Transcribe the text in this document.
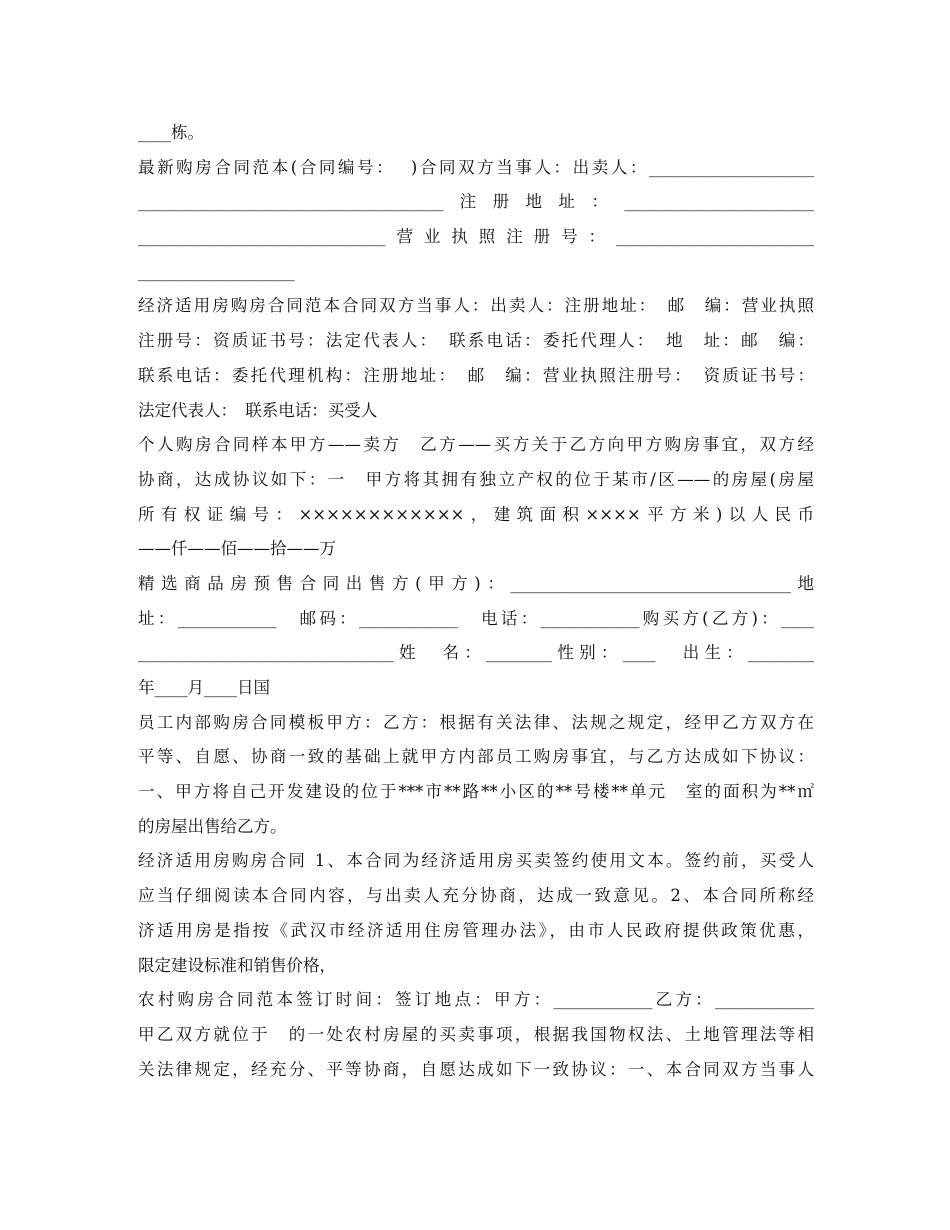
____栋。
最新购房合同范本(合同编号：  )合同双方当事人：出卖人：____________________
_____________________________________注册地址：_______________________
______________________________营业执照注册号：________________________
___________________
经济适用房购房合同范本合同双方当事人：出卖人：注册地址：　邮　编：营业执照
注册号：资质证书号：法定代表人：　联系电话：委托代理人：　地　址：邮　编：
联系电话：委托代理机构：注册地址：　邮　编：营业执照注册号：　资质证书号：
法定代表人：　联系电话：买受人
个人购房合同样本甲方——卖方　乙方——买方关于乙方向甲方购房事宜，双方经
协商，达成协议如下：一　甲方将其拥有独立产权的位于某市/区——的房屋(房屋
所有权证编号：××××××××××××，建筑面积××××平方米)以人民币
——仟——佰——拾——万
精选商品房预售合同出售方(甲方)：__________________________________地
址：____________　邮码：____________　电话：____________购买方(乙方)：____
_______________________________姓　名：________性别：____　出生：________
年____月____日国
员工内部购房合同模板甲方：乙方：根据有关法律、法规之规定，经甲乙方双方在
平等、自愿、协商一致的基础上就甲方内部员工购房事宜，与乙方达成如下协议：
一、甲方将自己开发建设的位于***市**路**小区的**号楼**单元　室的面积为**㎡
的房屋出售给乙方。
经济适用房购房合同 1、本合同为经济适用房买卖签约使用文本。签约前，买受人
应当仔细阅读本合同内容，与出卖人充分协商，达成一致意见。2、本合同所称经
济适用房是指按《武汉市经济适用住房管理办法》，由市人民政府提供政策优惠，
限定建设标准和销售价格，
农村购房合同范本签订时间：签订地点：甲方：____________乙方：____________
甲乙双方就位于　的一处农村房屋的买卖事项，根据我国物权法、土地管理法等相
关法律规定，经充分、平等协商，自愿达成如下一致协议：一、本合同双方当事人
